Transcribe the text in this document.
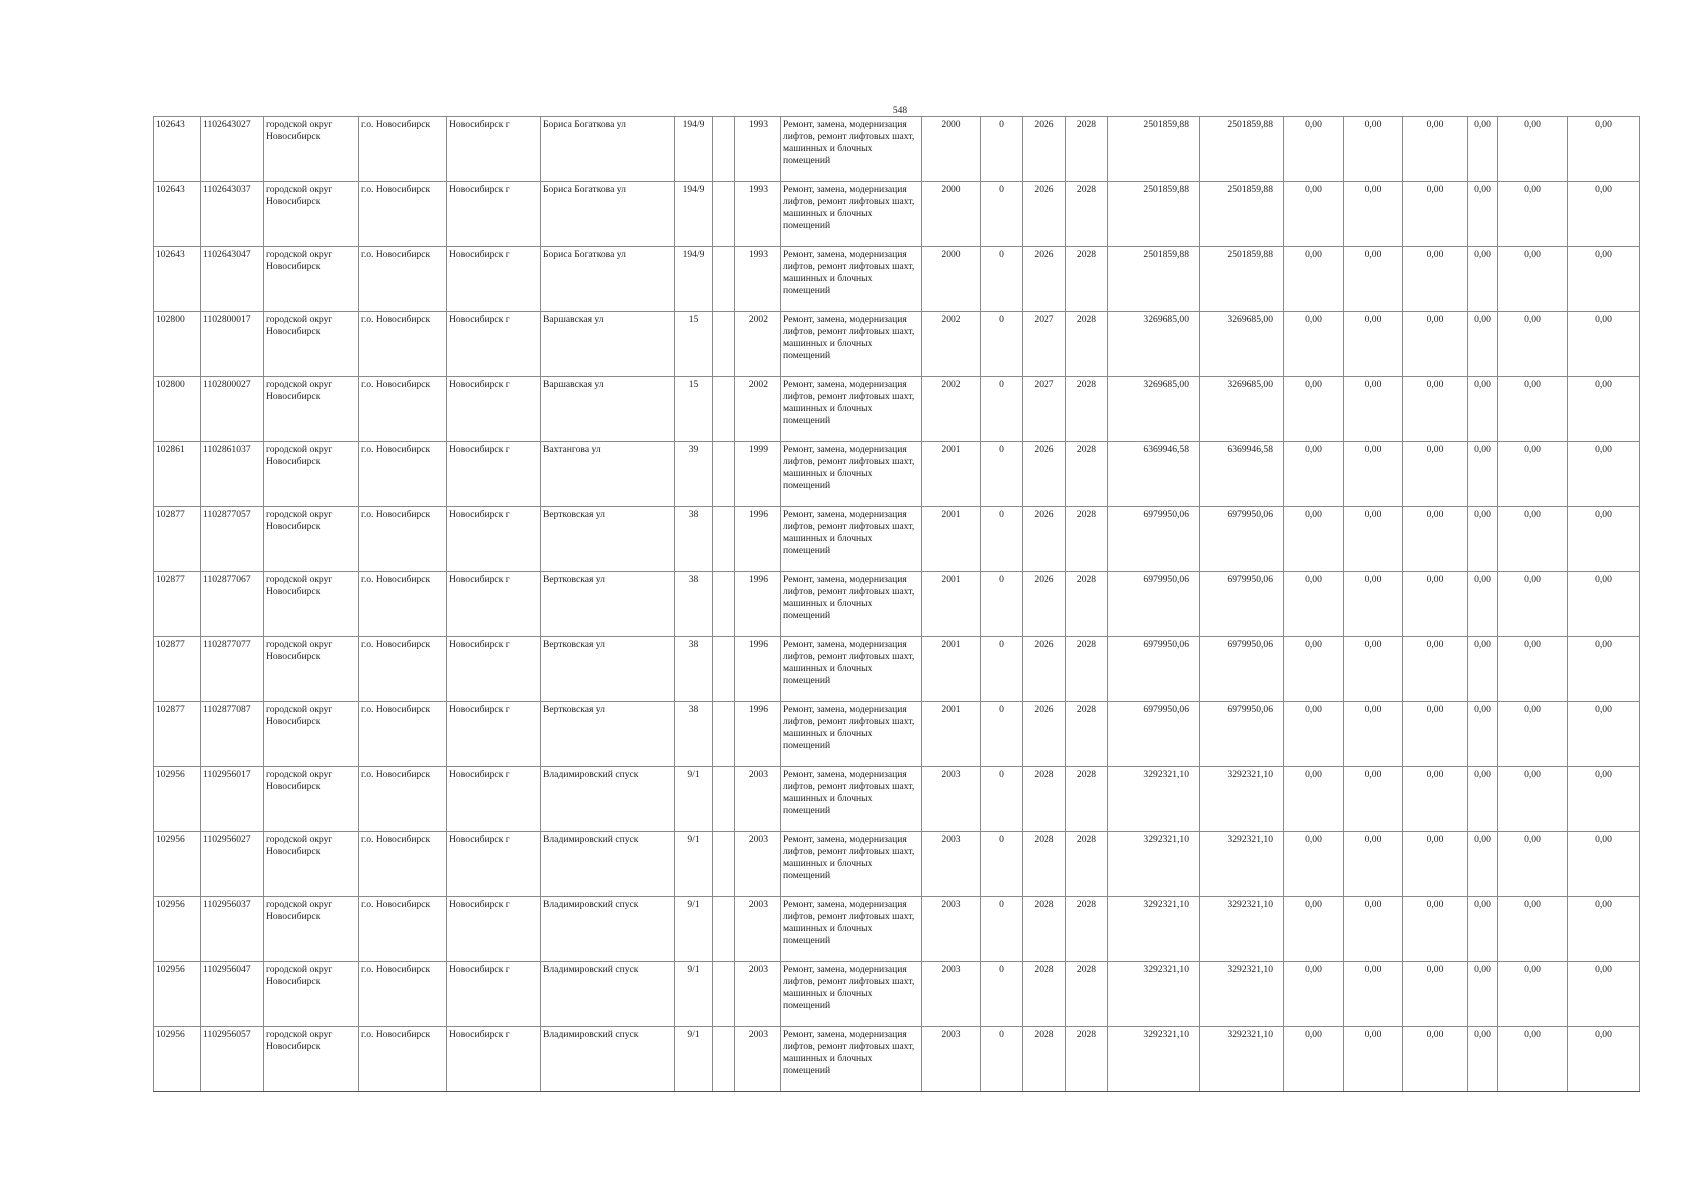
548
102643	1102643027	городской округ Новосибирск	г.о. Новосибирск	Новосибирск г	Бориса Богаткова ул	194/9		1993	Ремонт, замена, модернизация лифтов, ремонт лифтовых шахт, машинных и блочных помещений	2000	0	2026	2028	2501859,88	2501859,88	0,00	0,00	0,00	0,00	0,00	0,00
102643	1102643037	городской округ Новосибирск	г.о. Новосибирск	Новосибирск г	Бориса Богаткова ул	194/9		1993	Ремонт, замена, модернизация лифтов, ремонт лифтовых шахт, машинных и блочных помещений	2000	0	2026	2028	2501859,88	2501859,88	0,00	0,00	0,00	0,00	0,00	0,00
102643	1102643047	городской округ Новосибирск	г.о. Новосибирск	Новосибирск г	Бориса Богаткова ул	194/9		1993	Ремонт, замена, модернизация лифтов, ремонт лифтовых шахт, машинных и блочных помещений	2000	0	2026	2028	2501859,88	2501859,88	0,00	0,00	0,00	0,00	0,00	0,00
102800	1102800017	городской округ Новосибирск	г.о. Новосибирск	Новосибирск г	Варшавская ул	15		2002	Ремонт, замена, модернизация лифтов, ремонт лифтовых шахт, машинных и блочных помещений	2002	0	2027	2028	3269685,00	3269685,00	0,00	0,00	0,00	0,00	0,00	0,00
102800	1102800027	городской округ Новосибирск	г.о. Новосибирск	Новосибирск г	Варшавская ул	15		2002	Ремонт, замена, модернизация лифтов, ремонт лифтовых шахт, машинных и блочных помещений	2002	0	2027	2028	3269685,00	3269685,00	0,00	0,00	0,00	0,00	0,00	0,00
102861	1102861037	городской округ Новосибирск	г.о. Новосибирск	Новосибирск г	Вахтангова ул	39		1999	Ремонт, замена, модернизация лифтов, ремонт лифтовых шахт, машинных и блочных помещений	2001	0	2026	2028	6369946,58	6369946,58	0,00	0,00	0,00	0,00	0,00	0,00
102877	1102877057	городской округ Новосибирск	г.о. Новосибирск	Новосибирск г	Вертковская ул	38		1996	Ремонт, замена, модернизация лифтов, ремонт лифтовых шахт, машинных и блочных помещений	2001	0	2026	2028	6979950,06	6979950,06	0,00	0,00	0,00	0,00	0,00	0,00
102877	1102877067	городской округ Новосибирск	г.о. Новосибирск	Новосибирск г	Вертковская ул	38		1996	Ремонт, замена, модернизация лифтов, ремонт лифтовых шахт, машинных и блочных помещений	2001	0	2026	2028	6979950,06	6979950,06	0,00	0,00	0,00	0,00	0,00	0,00
102877	1102877077	городской округ Новосибирск	г.о. Новосибирск	Новосибирск г	Вертковская ул	38		1996	Ремонт, замена, модернизация лифтов, ремонт лифтовых шахт, машинных и блочных помещений	2001	0	2026	2028	6979950,06	6979950,06	0,00	0,00	0,00	0,00	0,00	0,00
102877	1102877087	городской округ Новосибирск	г.о. Новосибирск	Новосибирск г	Вертковская ул	38		1996	Ремонт, замена, модернизация лифтов, ремонт лифтовых шахт, машинных и блочных помещений	2001	0	2026	2028	6979950,06	6979950,06	0,00	0,00	0,00	0,00	0,00	0,00
102956	1102956017	городской округ Новосибирск	г.о. Новосибирск	Новосибирск г	Владимировский спуск	9/1		2003	Ремонт, замена, модернизация лифтов, ремонт лифтовых шахт, машинных и блочных помещений	2003	0	2028	2028	3292321,10	3292321,10	0,00	0,00	0,00	0,00	0,00	0,00
102956	1102956027	городской округ Новосибирск	г.о. Новосибирск	Новосибирск г	Владимировский спуск	9/1		2003	Ремонт, замена, модернизация лифтов, ремонт лифтовых шахт, машинных и блочных помещений	2003	0	2028	2028	3292321,10	3292321,10	0,00	0,00	0,00	0,00	0,00	0,00
102956	1102956037	городской округ Новосибирск	г.о. Новосибирск	Новосибирск г	Владимировский спуск	9/1		2003	Ремонт, замена, модернизация лифтов, ремонт лифтовых шахт, машинных и блочных помещений	2003	0	2028	2028	3292321,10	3292321,10	0,00	0,00	0,00	0,00	0,00	0,00
102956	1102956047	городской округ Новосибирск	г.о. Новосибирск	Новосибирск г	Владимировский спуск	9/1		2003	Ремонт, замена, модернизация лифтов, ремонт лифтовых шахт, машинных и блочных помещений	2003	0	2028	2028	3292321,10	3292321,10	0,00	0,00	0,00	0,00	0,00	0,00
102956	1102956057	городской округ Новосибирск	г.о. Новосибирск	Новосибирск г	Владимировский спуск	9/1		2003	Ремонт, замена, модернизация лифтов, ремонт лифтовых шахт, машинных и блочных помещений	2003	0	2028	2028	3292321,10	3292321,10	0,00	0,00	0,00	0,00	0,00	0,00
